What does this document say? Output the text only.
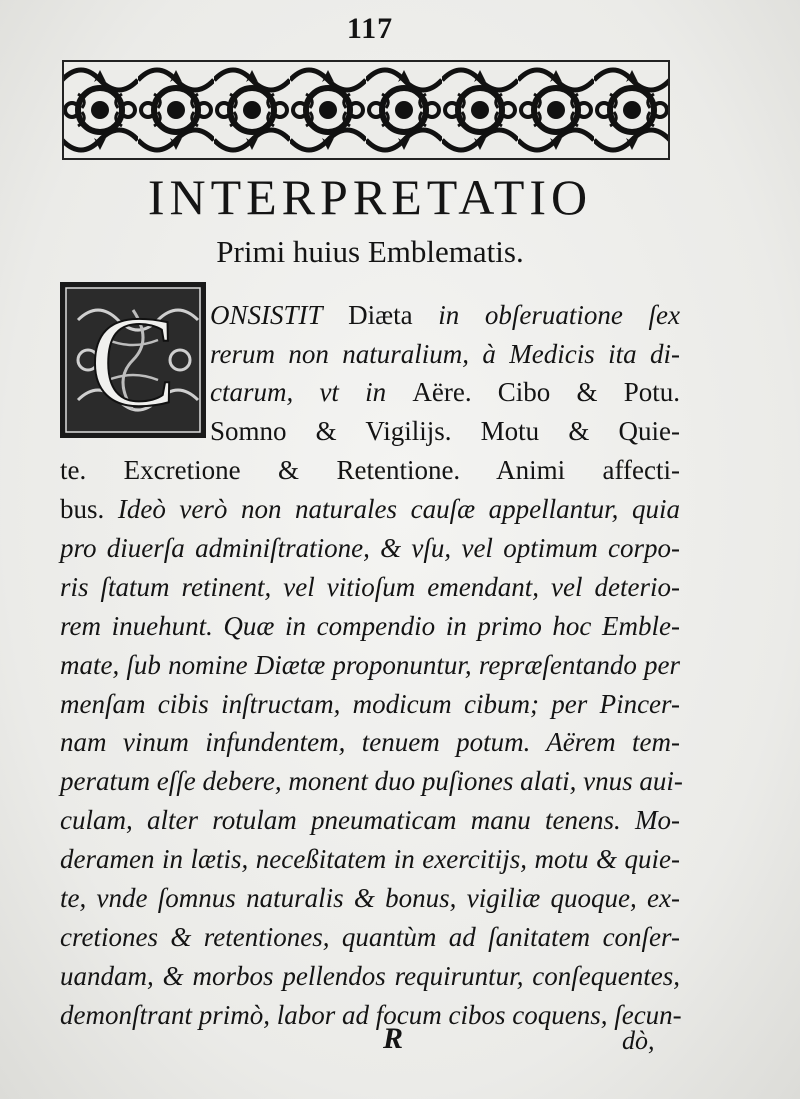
117
INTERPRETATIO
Primi huius Emblematis.
C ONSISTIT Diæta in obſeruatione ſex
rerum non naturalium, à Medicis ita di-
ctarum, vt in Aëre. Cibo & Potu.
Somno & Vigilijs. Motu & Quie-
te. Excretione & Retentione. Animi affecti-
bus. Ideò verò non naturales cauſæ appellantur, quia
pro diuerſa adminiſtratione, & vſu, vel optimum corpo-
ris ſtatum retinent, vel vitioſum emendant, vel deterio-
rem inuehunt. Quæ in compendio in primo hoc Emble-
mate, ſub nomine Diætæ proponuntur, repræſentando per
menſam cibis inſtructam, modicum cibum; per Pincer-
nam vinum infundentem, tenuem potum. Aërem tem-
peratum eſſe debere, monent duo puſiones alati, vnus aui-
culam, alter rotulam pneumaticam manu tenens. Mo-
deramen in lætis, neceßitatem in exercitijs, motu & quie-
te, vnde ſomnus naturalis & bonus, vigiliæ quoque, ex-
cretiones & retentiones, quantùm ad ſanitatem conſer-
uandam, & morbos pellendos requiruntur, conſequentes,
demonſtrant primò, labor ad focum cibos coquens, ſecun-
R	dò,
